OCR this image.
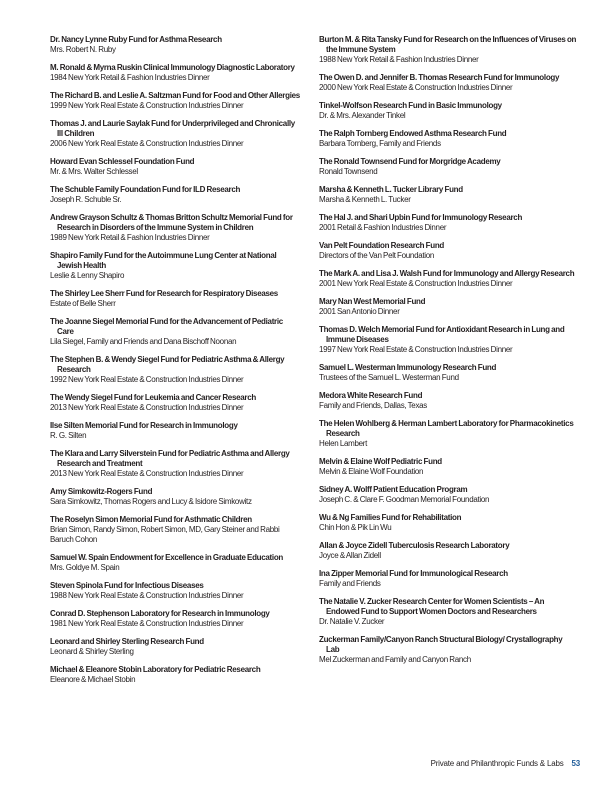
Dr. Nancy Lynne Ruby Fund for Asthma Research
Mrs. Robert N. Ruby
M. Ronald & Myrna Ruskin Clinical Immunology Diagnostic Laboratory
1984 New York Retail & Fashion Industries Dinner
The Richard B. and Leslie A. Saltzman Fund for Food and Other Allergies
1999 New York Real Estate & Construction Industries Dinner
Thomas J. and Laurie Saylak Fund for Underprivileged and Chronically Ill Children
2006 New York Real Estate & Construction Industries Dinner
Howard Evan Schlessel Foundation Fund
Mr. & Mrs. Walter Schlessel
The Schuble Family Foundation Fund for ILD Research
Joseph R. Schuble Sr.
Andrew Grayson Schultz & Thomas Britton Schultz Memorial Fund for Research in Disorders of the Immune System in Children
1989 New York Retail & Fashion Industries Dinner
Shapiro Family Fund for the Autoimmune Lung Center at National Jewish Health
Leslie & Lenny Shapiro
The Shirley Lee Sherr Fund for Research for Respiratory Diseases
Estate of Belle Sherr
The Joanne Siegel Memorial Fund for the Advancement of Pediatric Care
Lila Siegel, Family and Friends and Dana Bischoff Noonan
The Stephen B. & Wendy Siegel Fund for Pediatric Asthma & Allergy Research
1992 New York Real Estate & Construction Industries Dinner
The Wendy Siegel Fund for Leukemia and Cancer Research
2013 New York Real Estate & Construction Industries Dinner
Ilse Silten Memorial Fund for Research in Immunology
R. G. Silten
The Klara and Larry Silverstein Fund for Pediatric Asthma and Allergy Research and Treatment
2013 New York Real Estate & Construction Industries Dinner
Amy Simkowitz-Rogers Fund
Sara Simkowitz, Thomas Rogers and Lucy & Isidore Simkowitz
The Roselyn Simon Memorial Fund for Asthmatic Children
Brian Simon, Randy Simon, Robert Simon, MD, Gary Steiner and Rabbi Baruch Cohon
Samuel W. Spain Endowment for Excellence in Graduate Education
Mrs. Goldye M. Spain
Steven Spinola Fund for Infectious Diseases
1988 New York Real Estate & Construction Industries Dinner
Conrad D. Stephenson Laboratory for Research in Immunology
1981 New York Real Estate & Construction Industries Dinner
Leonard and Shirley Sterling Research Fund
Leonard & Shirley Sterling
Michael & Eleanore Stobin Laboratory for Pediatric Research
Eleanore & Michael Stobin
Burton M. & Rita Tansky Fund for Research on the Influences of Viruses on the Immune System
1988 New York Retail & Fashion Industries Dinner
The Owen D. and Jennifer B. Thomas Research Fund for Immunology
2000 New York Real Estate & Construction Industries Dinner
Tinkel-Wolfson Research Fund in Basic Immunology
Dr. & Mrs. Alexander Tinkel
The Ralph Tornberg Endowed Asthma Research Fund
Barbara Tornberg, Family and Friends
The Ronald Townsend Fund for Morgridge Academy
Ronald Townsend
Marsha & Kenneth L. Tucker Library Fund
Marsha & Kenneth L. Tucker
The Hal J. and Shari Upbin Fund for Immunology Research
2001 Retail & Fashion Industries Dinner
Van Pelt Foundation Research Fund
Directors of the Van Pelt Foundation
The Mark A. and Lisa J. Walsh Fund for Immunology and Allergy Research
2001 New York Real Estate & Construction Industries Dinner
Mary Nan West Memorial Fund
2001 San Antonio Dinner
Thomas D. Welch Memorial Fund for Antioxidant Research in Lung and Immune Diseases
1997 New York Real Estate & Construction Industries Dinner
Samuel L. Westerman Immunology Research Fund
Trustees of the Samuel L. Westerman Fund
Medora White Research Fund
Family and Friends, Dallas, Texas
The Helen Wohlberg & Herman Lambert Laboratory for Pharmacokinetics Research
Helen Lambert
Melvin & Elaine Wolf Pediatric Fund
Melvin & Elaine Wolf Foundation
Sidney A. Wolff Patient Education Program
Joseph C. & Clare F. Goodman Memorial Foundation
Wu & Ng Families Fund for Rehabilitation
Chin Hon & Pik Lin Wu
Allan & Joyce Zidell Tuberculosis Research Laboratory
Joyce & Allan Zidell
Ina Zipper Memorial Fund for Immunological Research
Family and Friends
The Natalie V. Zucker Research Center for Women Scientists – An Endowed Fund to Support Women Doctors and Researchers
Dr. Natalie V. Zucker
Zuckerman Family/Canyon Ranch Structural Biology/ Crystallography Lab
Mel Zuckerman and Family and Canyon Ranch
Private and Philanthropic Funds & Labs 53
